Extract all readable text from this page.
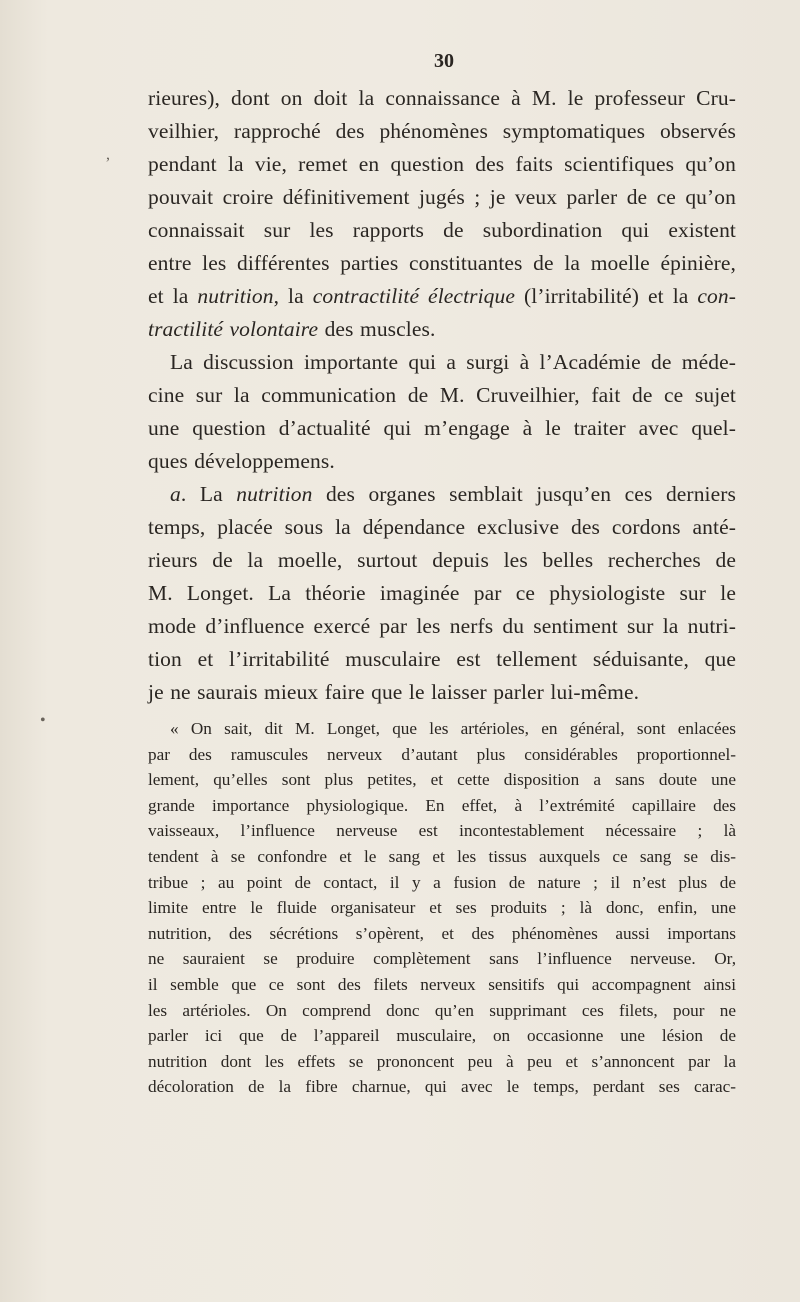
30
rieures), dont on doit la connaissance à M. le professeur Cru-
veilhier, rapproché des phénomènes symptomatiques observés
pendant la vie, remet en question des faits scientifiques qu’on
pouvait croire définitivement jugés ; je veux parler de ce qu’on
connaissait sur les rapports de subordination qui existent
entre les différentes parties constituantes de la moelle épinière,
et la nutrition, la contractilité électrique (l’irritabilité) et la con-
tractilité volontaire des muscles.
La discussion importante qui a surgi à l’Académie de méde-
cine sur la communication de M. Cruveilhier, fait de ce sujet
une question d’actualité qui m’engage à le traiter avec quel-
ques développemens.
a. La nutrition des organes semblait jusqu’en ces derniers
temps, placée sous la dépendance exclusive des cordons anté-
rieurs de la moelle, surtout depuis les belles recherches de
M. Longet. La théorie imaginée par ce physiologiste sur le
mode d’influence exercé par les nerfs du sentiment sur la nutri-
tion et l’irritabilité musculaire est tellement séduisante, que
je ne saurais mieux faire que le laisser parler lui-même.
« On sait, dit M. Longet, que les artérioles, en général, sont enlacées
par des ramuscules nerveux d’autant plus considérables proportionnel-
lement, qu’elles sont plus petites, et cette disposition a sans doute une
grande importance physiologique. En effet, à l’extrémité capillaire des
vaisseaux, l’influence nerveuse est incontestablement nécessaire ; là
tendent à se confondre et le sang et les tissus auxquels ce sang se dis-
tribue ; au point de contact, il y a fusion de nature ; il n’est plus de
limite entre le fluide organisateur et ses produits ; là donc, enfin, une
nutrition, des sécrétions s’opèrent, et des phénomènes aussi importans
ne sauraient se produire complètement sans l’influence nerveuse. Or,
il semble que ce sont des filets nerveux sensitifs qui accompagnent ainsi
les artérioles. On comprend donc qu’en supprimant ces filets, pour ne
parler ici que de l’appareil musculaire, on occasionne une lésion de
nutrition dont les effets se prononcent peu à peu et s’annoncent par la
décoloration de la fibre charnue, qui avec le temps, perdant ses carac-
,
•
